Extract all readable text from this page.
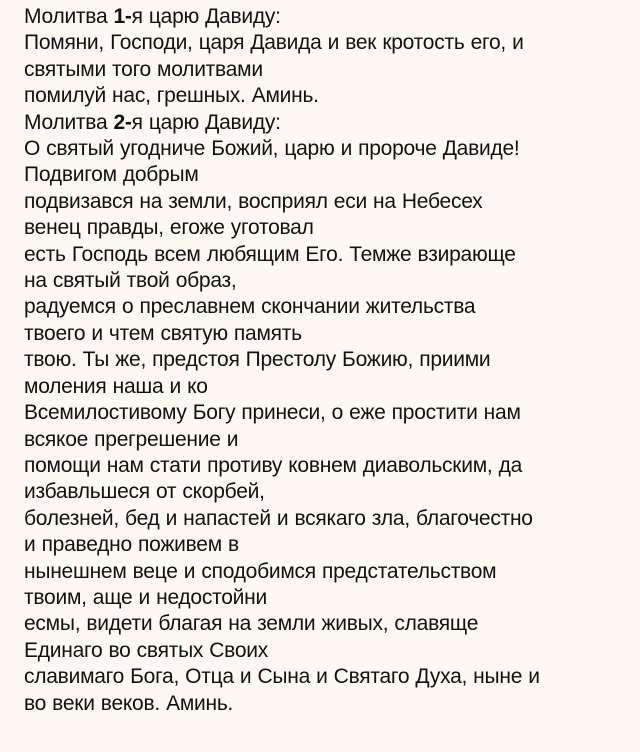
Молитва 1-я царю Давиду:
Помяни, Господи, царя Давида и век кротость его, и
святыми того молитвами
помилуй нас, грешных. Аминь.
Молитва 2-я царю Давиду:
О святый угодниче Божий, царю и пророче Давиде!
Подвигом добрым
подвизався на земли, восприял еси на Небесех
венец правды, егоже уготовал
есть Господь всем любящим Его. Темже взирающе
на святый твой образ,
радуемся о преславнем скончании жительства
твоего и чтем святую память
твою. Ты же, предстоя Престолу Божию, приими
моления наша и ко
Всемилостивому Богу принеси, о еже простити нам
всякое прегрешение и
помощи нам стати противу ковнем диавольским, да
избавльшеся от скорбей,
болезней, бед и напастей и всякаго зла, благочестно
и праведно поживем в
нынешнем веце и сподобимся предстательством
твоим, аще и недостойни
есмы, видети благая на земли живых, славяще
Единаго во святых Своих
славимаго Бога, Отца и Сына и Святаго Духа, ныне и
во веки веков. Аминь.
